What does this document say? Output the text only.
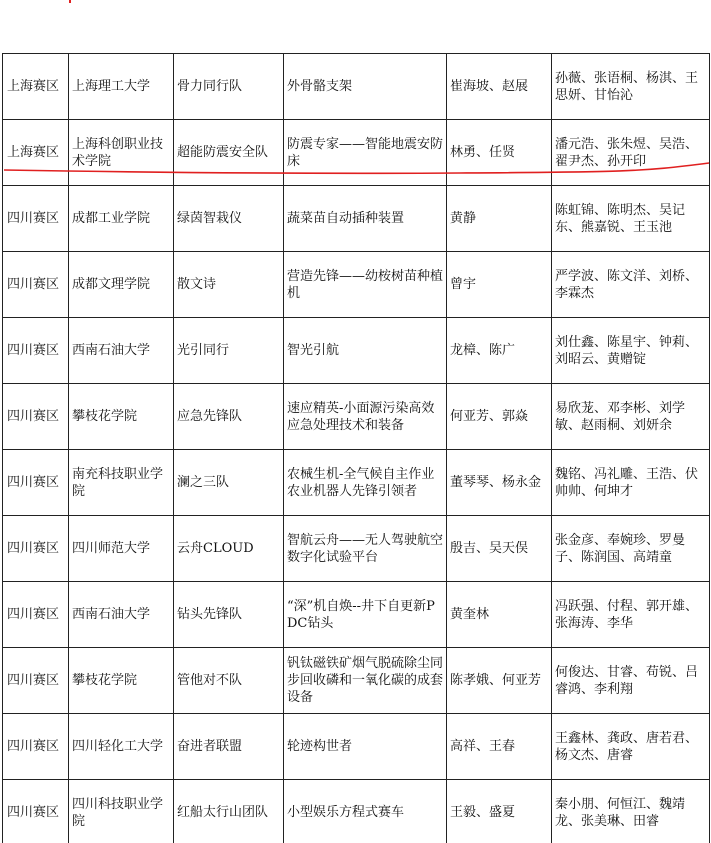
上海赛区	上海理工大学	骨力同行队	外骨骼支架	崔海坡、赵展	孙薇、张语桐、杨淇、王思妍、甘怡沁
上海赛区	上海科创职业技术学院	超能防震安全队	防震专家——智能地震安防床	林勇、任贤	潘元浩、张朱煜、吴浩、翟尹杰、孙开印
四川赛区	成都工业学院	绿茵智栽仪	蔬菜苗自动插种装置	黄静	陈虹锦、陈明杰、吴记东、熊嘉锐、王玉池
四川赛区	成都文理学院	散文诗	营造先锋——幼桉树苗种植机	曾宇	严学波、陈文洋、刘桥、李霖杰
四川赛区	西南石油大学	光引同行	智光引航	龙樟、陈广	刘仕鑫、陈星宇、钟莉、刘昭云、黄赠锭
四川赛区	攀枝花学院	应急先锋队	速应精英-小面源污染高效应急处理技术和装备	何亚芳、郭焱	易欣茏、邓李彬、刘学敏、赵雨桐、刘妍余
四川赛区	南充科技职业学院	澜之三队	农械生机-全气候自主作业农业机器人先锋引领者	董琴琴、杨永金	魏铭、冯礼雕、王浩、伏帅帅、何坤才
四川赛区	四川师范大学	云舟CLOUD	智航云舟——无人驾驶航空数字化试验平台	殷吉、吴天俣	张金彦、奉婉珍、罗曼子、陈润国、高靖童
四川赛区	西南石油大学	钻头先锋队	“深”机自焕--井下自更新PDC钻头	黄奎林	冯跃强、付程、郭开雄、张海涛、李华
四川赛区	攀枝花学院	管他对不队	钒钛磁铁矿烟气脱硫除尘同步回收磷和一氧化碳的成套设备	陈孝娥、何亚芳	何俊达、甘睿、苟锐、吕睿鸿、李利翔
四川赛区	四川轻化工大学	奋进者联盟	轮迹构世者	高祥、王春	王鑫林、龚政、唐若君、杨文杰、唐睿
四川赛区	四川科技职业学院	红船太行山团队	小型娱乐方程式赛车	王毅、盛夏	秦小朋、何恒江、魏靖龙、张美琳、田睿
